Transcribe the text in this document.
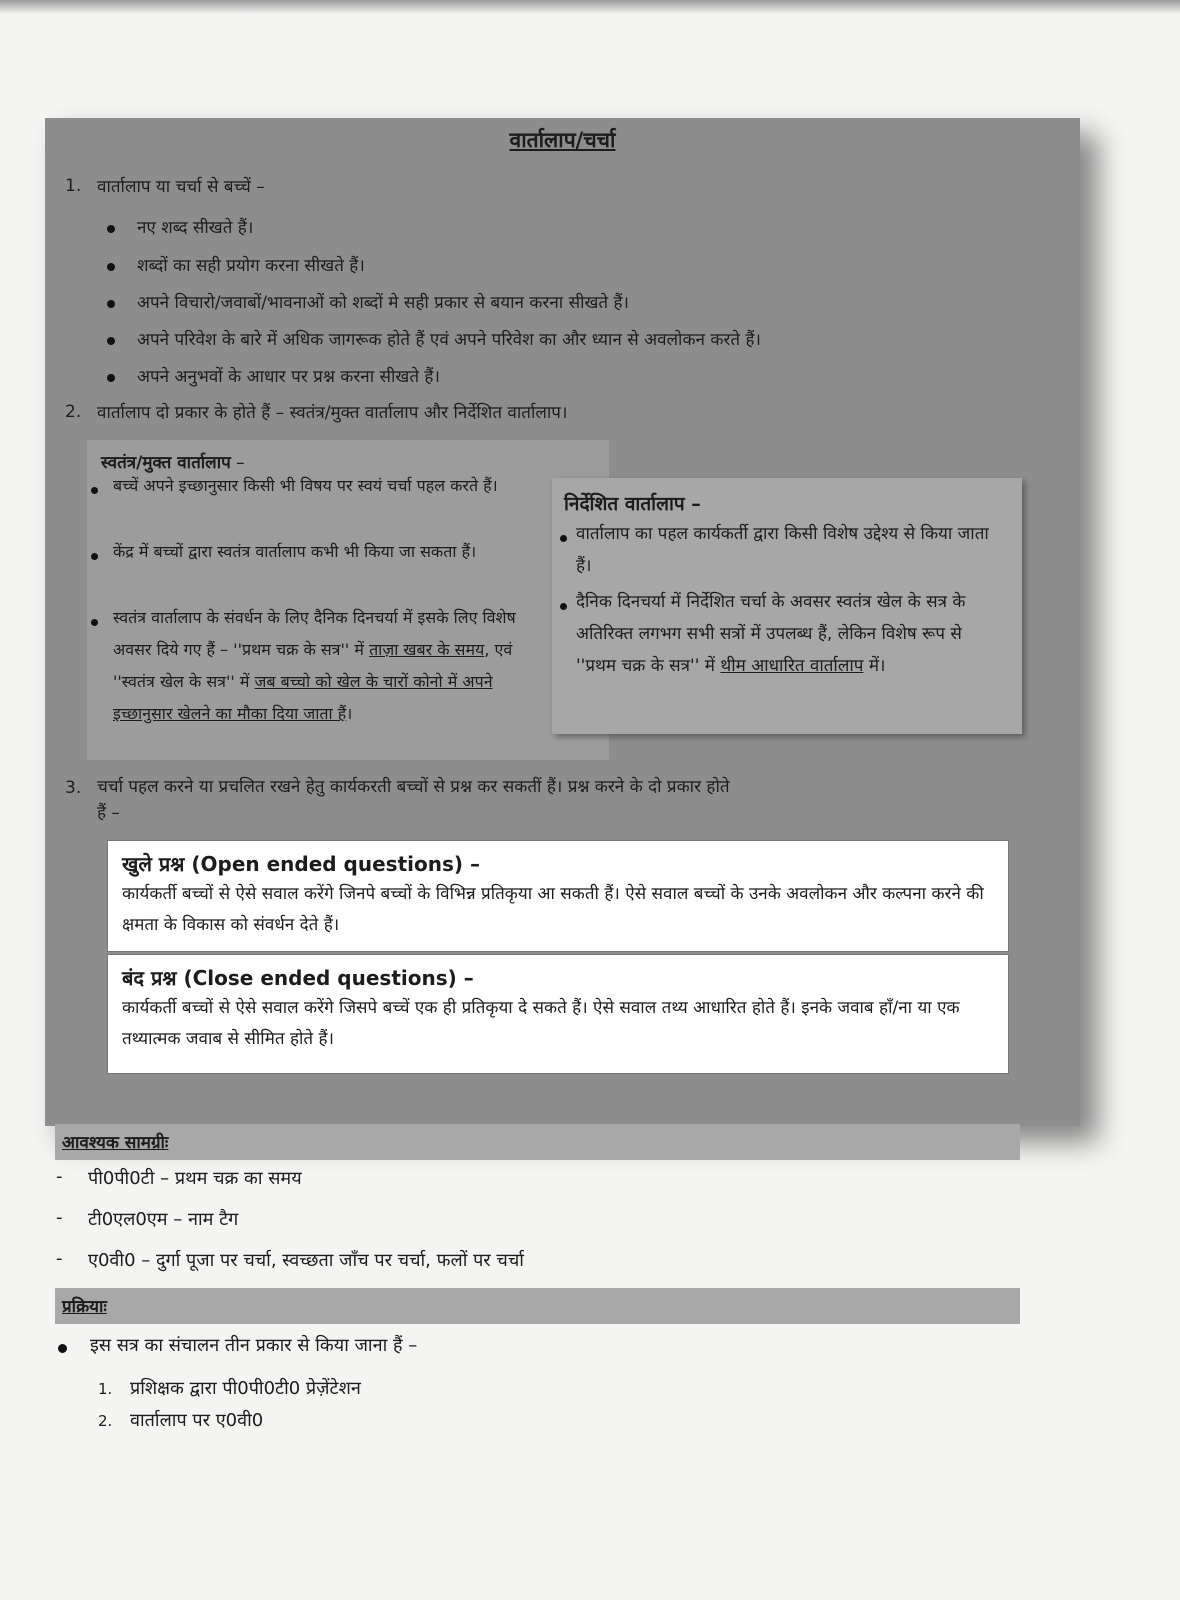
वार्तालाप/चर्चा
1. वार्तालाप या चर्चा से बच्चें –
नए शब्द सीखते हैं।
शब्दों का सही प्रयोग करना सीखते हैं।
अपने विचारो/जवाबों/भावनाओं को शब्दों मे सही प्रकार से बयान करना सीखते हैं।
अपने परिवेश के बारे में अधिक जागरूक होते हैं एवं अपने परिवेश का और ध्यान से अवलोकन करते हैं।
अपने अनुभवों के आधार पर प्रश्न करना सीखते हैं।
2. वार्तालाप दो प्रकार के होते हैं – स्वतंत्र/मुक्त वार्तालाप और निर्देशित वार्तालाप।
स्वतंत्र/मुक्त वार्तालाप –
बच्चें अपने इच्छानुसार किसी भी विषय पर स्वयं चर्चा पहल करते हैं।
केंद्र में बच्चों द्वारा स्वतंत्र वार्तालाप कभी भी किया जा सकता हैं।
स्वतंत्र वार्तालाप के संवर्धन के लिए दैनिक दिनचर्या में इसके लिए विशेष अवसर दिये गए हैं – ''प्रथम चक्र के सत्र'' में ताज़ा खबर के समय, एवं ''स्वतंत्र खेल के सत्र'' में जब बच्चो को खेल के चारों कोनो में अपने इच्छानुसार खेलने का मौका दिया जाता हैं।
निर्देशित वार्तालाप –
वार्तालाप का पहल कार्यकर्ती द्वारा किसी विशेष उद्देश्य से किया जाता हैं।
दैनिक दिनचर्या में निर्देशित चर्चा के अवसर स्वतंत्र खेल के सत्र के अतिरिक्त लगभग सभी सत्रों में उपलब्ध हैं, लेकिन विशेष रूप से ''प्रथम चक्र के सत्र'' में थीम आधारित वार्तालाप में।
3. चर्चा पहल करने या प्रचलित रखने हेतु कार्यकरती बच्चों से प्रश्न कर सकतीं हैं। प्रश्न करने के दो प्रकार होते
हैं –
खुले प्रश्न (Open ended questions) –
कार्यकर्ती बच्चों से ऐसे सवाल करेंगे जिनपे बच्चों के विभिन्न प्रतिकृया आ सकती हैं। ऐसे सवाल बच्चों के उनके अवलोकन और कल्पना करने की क्षमता के विकास को संवर्धन देते हैं।
बंद प्रश्न (Close ended questions) –
कार्यकर्ती बच्चों से ऐसे सवाल करेंगे जिसपे बच्चें एक ही प्रतिकृया दे सकते हैं। ऐसे सवाल तथ्य आधारित होते हैं। इनके जवाब हाँ/ना या एक तथ्यात्मक जवाब से सीमित होते हैं।
आवश्यक सामग्रीः
- पी0पी0टी – प्रथम चक्र का समय
- टी0एल0एम – नाम टैग
- ए0वी0 – दुर्गा पूजा पर चर्चा, स्वच्छता जाँच पर चर्चा, फलों पर चर्चा
प्रक्रियाः
इस सत्र का संचालन तीन प्रकार से किया जाना हैं –
1. प्रशिक्षक द्वारा पी0पी0टी0 प्रेज़ेंटेशन
2. वार्तालाप पर ए0वी0
